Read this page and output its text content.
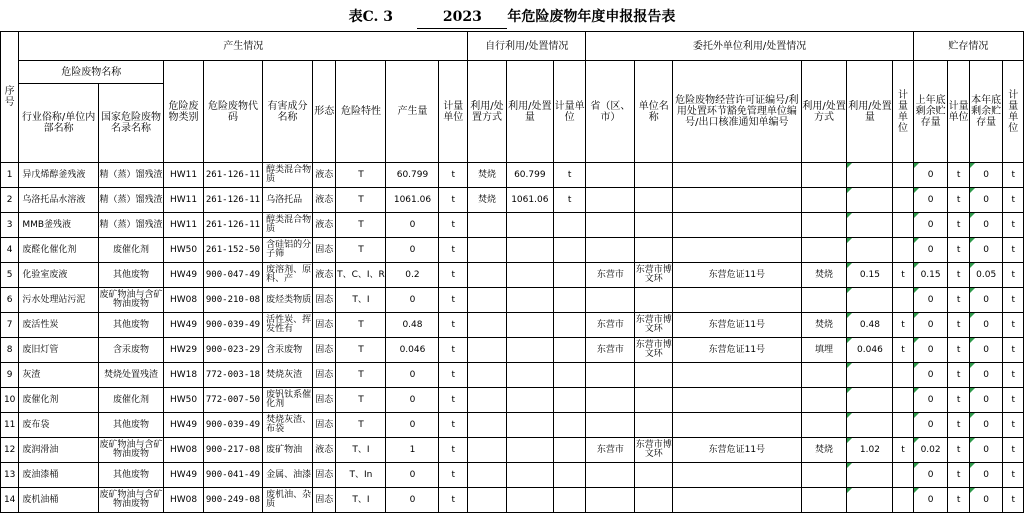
表C. 3	2023 年危险废物年度申报报告表
序号	产生情况									自行利用/处置情况			委托外单位利用/处置情况						贮存情况			
	危险废物名称		危险废物类别	危险废物代码	有害成分名称	形态	危险特性	产生量	计量单位	利用/处置方式	利用/处置量	计量单位	省（区、市）	单位名称	危险废物经营许可证编号/利用处置环节豁免管理单位编号/出口核准通知单编号	利用/处置方式	利用/处置量	计量单位	上年底剩余贮存量	计量单位	本年底剩余贮存量	计量单位
	行业俗称/单位内部名称	国家危险废物名录名称																				
1	异戊烯醇釜残液	精（蒸）馏残渣	HW11	261-126-11	醇类混合物质	液态	T	60.799	t	焚烧	60.799	t							0	t	0	t
2	乌洛托品水溶液	精（蒸）馏残渣	HW11	261-126-11	乌洛托品	液态	T	1061.06	t	焚烧	1061.06	t							0	t	0	t
3	MMB釜残液	精（蒸）馏残渣	HW11	261-126-11	醇类混合物质	液态	T	0	t										0	t	0	t
4	废醛化催化剂	废催化剂	HW50	261-152-50	含硅铝的分子筛	固态	T	0	t										0	t	0	t
5	化验室废液	其他废物	HW49	900-047-49	废溶剂、原料、产	液态	T、C、I、R	0.2	t				东营市	东营市博文环	东营危证11号	焚烧	0.15	t	0.15	t	0.05	t
6	污水处理站污泥	废矿物油与含矿物油废物	HW08	900-210-08	废烃类物质	固态	T、I	0	t										0	t	0	t
7	废活性炭	其他废物	HW49	900-039-49	活性炭、挥发性有	固态	T	0.48	t				东营市	东营市博文环	东营危证11号	焚烧	0.48	t	0	t	0	t
8	废旧灯管	含汞废物	HW29	900-023-29	含汞废物	固态	T	0.046	t				东营市	东营市博文环	东营危证11号	填埋	0.046	t	0	t	0	t
9	灰渣	焚烧处置残渣	HW18	772-003-18	焚烧灰渣	固态	T	0	t										0	t	0	t
10	废催化剂	废催化剂	HW50	772-007-50	废钒钛系催化剂	固态	T	0	t										0	t	0	t
11	废布袋	其他废物	HW49	900-039-49	焚烧灰渣、布袋	固态	T	0	t										0	t	0	t
12	废润滑油	废矿物油与含矿物油废物	HW08	900-217-08	废矿物油	液态	T、I	1	t				东营市	东营市博文环	东营危证11号	焚烧	1.02	t	0.02	t	0	t
13	废油漆桶	其他废物	HW49	900-041-49	金属、油漆	固态	T、In	0	t										0	t	0	t
14	废机油桶	废矿物油与含矿物油废物	HW08	900-249-08	废机油、杂质	固态	T、I	0	t										0	t	0	t
